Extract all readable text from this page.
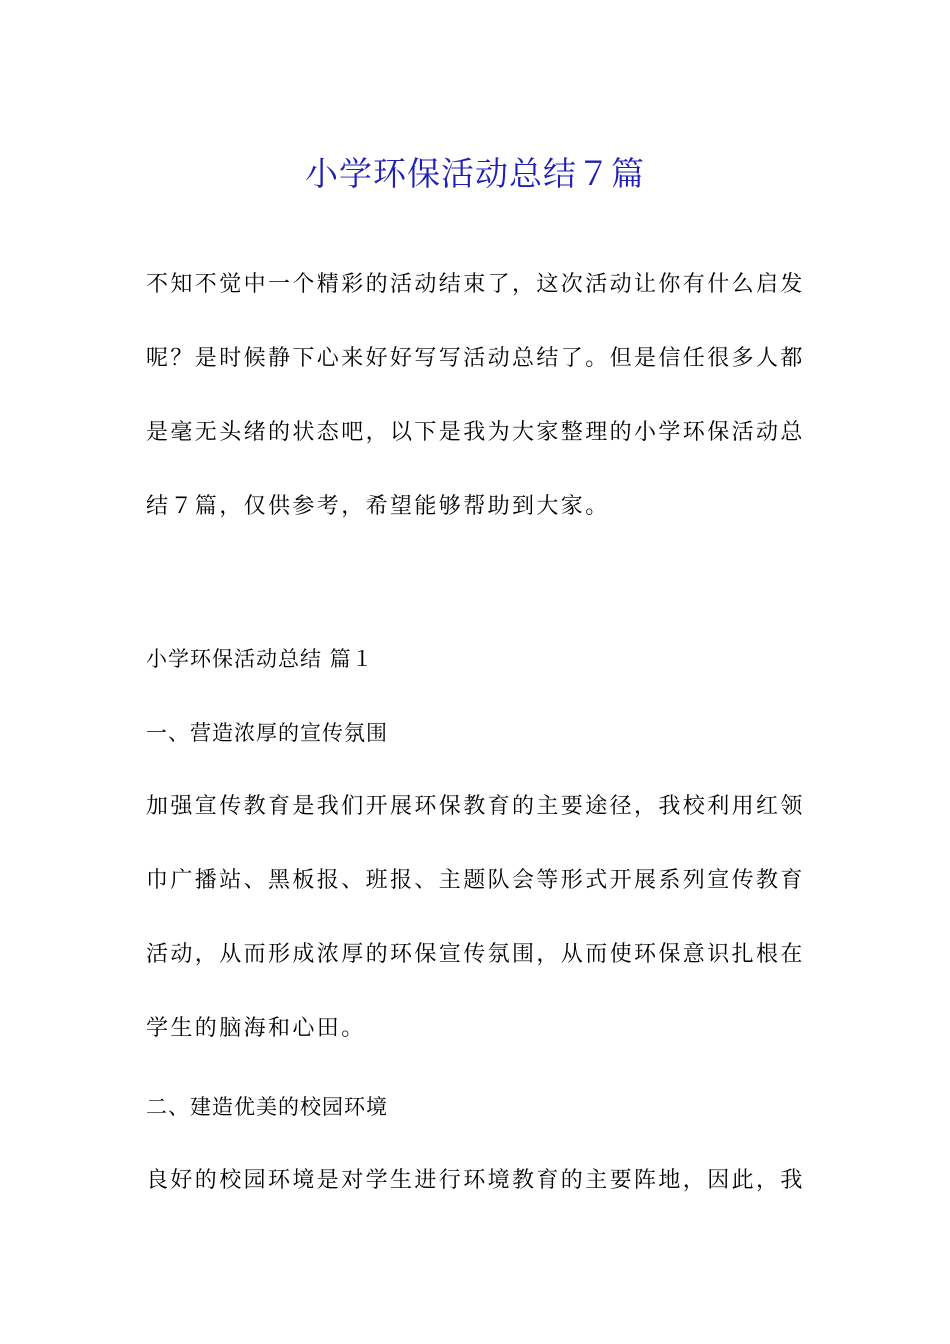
小学环保活动总结７篇
不知不觉中一个精彩的活动结束了，这次活动让你有什么启发
呢？是时候静下心来好好写写活动总结了。但是信任很多人都
是毫无头绪的状态吧，以下是我为大家整理的小学环保活动总
结７篇，仅供参考，希望能够帮助到大家。
小学环保活动总结 篇１
一、营造浓厚的宣传氛围
加强宣传教育是我们开展环保教育的主要途径，我校利用红领
巾广播站、黑板报、班报、主题队会等形式开展系列宣传教育
活动，从而形成浓厚的环保宣传氛围，从而使环保意识扎根在
学生的脑海和心田。
二、建造优美的校园环境
良好的校园环境是对学生进行环境教育的主要阵地，因此，我
